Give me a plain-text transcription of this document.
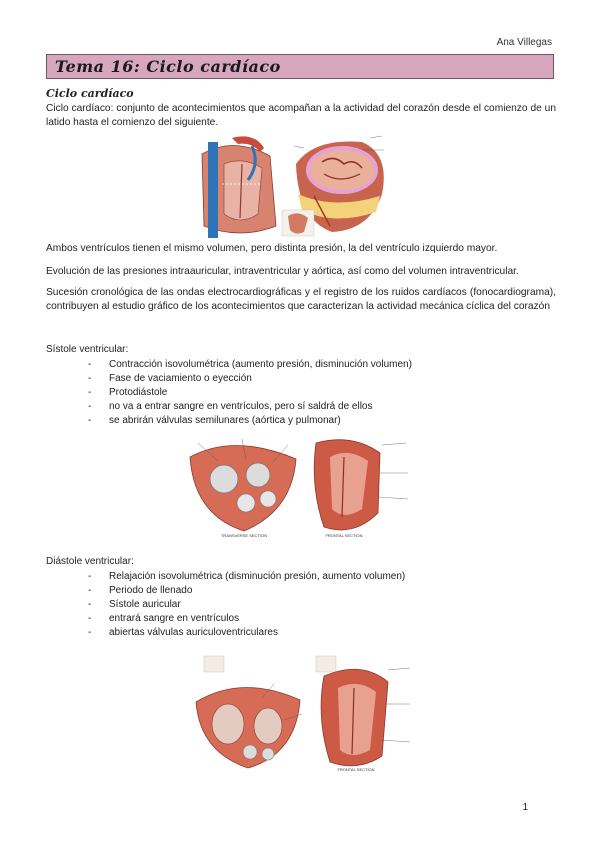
Ana Villegas
Tema 16: Ciclo cardíaco
Ciclo cardíaco
Ciclo cardíaco: conjunto de acontecimientos que acompañan a la actividad del corazón desde el comienzo de un latido hasta el comienzo del siguiente.
Ambos ventrículos tienen el mismo volumen, pero distinta presión, la del ventrículo izquierdo mayor.
Evolución de las presiones intraauricular, intraventricular y aórtica, así como del volumen intraventricular.
Sucesión cronológica de las ondas electrocardiográficas y el registro de los ruidos cardíacos (fonocardiograma), contribuyen al estudio gráfico de los acontecimientos que caracterizan la actividad mecánica cíclica del corazón
Sístole ventricular:
- Contracción isovolumétrica (aumento presión, disminución volumen)
- Fase de vaciamiento o eyección
- Protodiástole
- no va a entrar sangre en ventrículos, pero sí saldrá de ellos
- se abrirán válvulas semilunares (aórtica y pulmonar)
TRANSVERSE SECTION	FRONTAL SECTION
Diástole ventricular:
- Relajación isovolumétrica (disminución presión, aumento volumen)
- Periodo de llenado
- Sístole auricular
- entrará sangre en ventrículos
- abiertas válvulas auriculoventriculares
FRONTAL SECTION
1
